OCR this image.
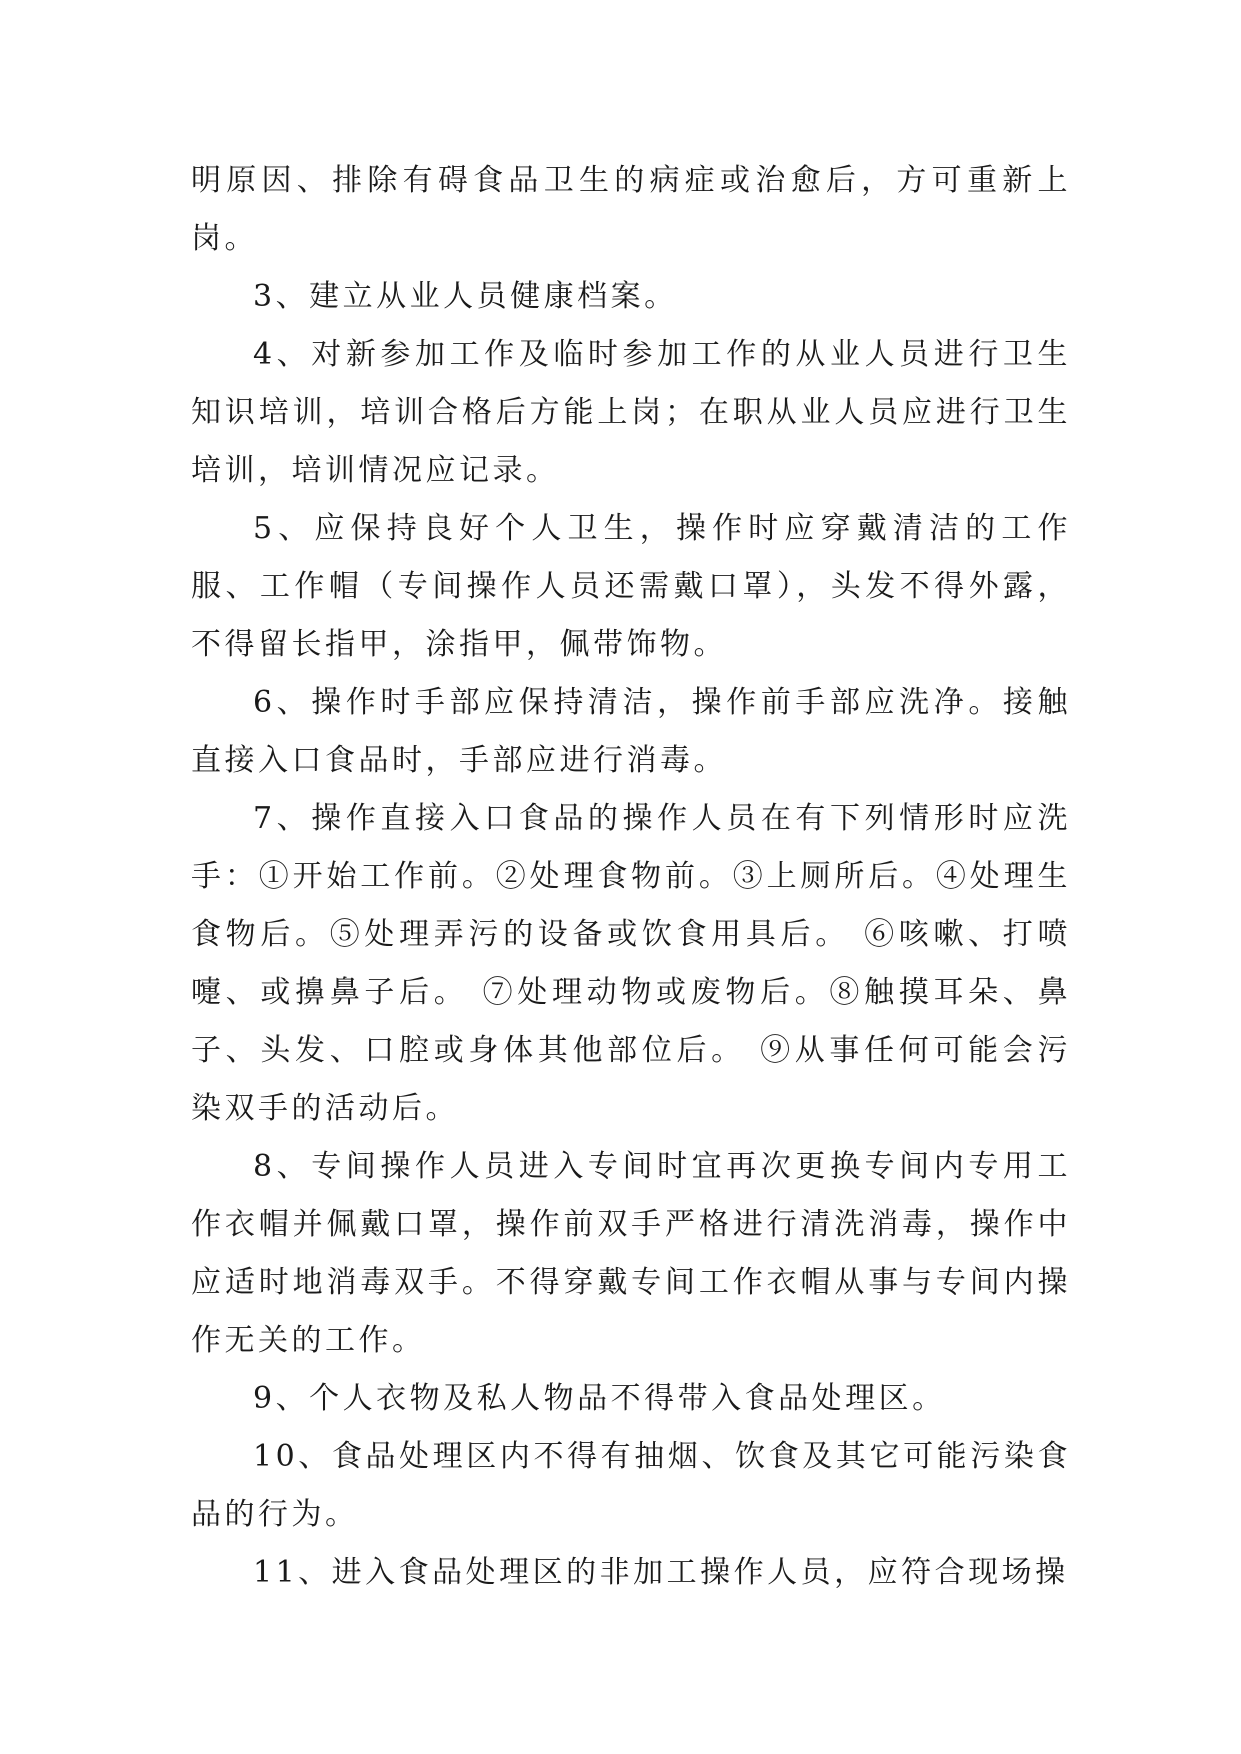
明原因、排除有碍食品卫生的病症或治愈后，方可重新上岗。

3、建立从业人员健康档案。

4、对新参加工作及临时参加工作的从业人员进行卫生知识培训，培训合格后方能上岗；在职从业人员应进行卫生培训，培训情况应记录。

5、应保持良好个人卫生，操作时应穿戴清洁的工作服、工作帽（专间操作人员还需戴口罩），头发不得外露，不得留长指甲，涂指甲，佩带饰物。

6、操作时手部应保持清洁，操作前手部应洗净。接触直接入口食品时，手部应进行消毒。

7、操作直接入口食品的操作人员在有下列情形时应洗手：①开始工作前。②处理食物前。③上厕所后。④处理生食物后。⑤处理弄污的设备或饮食用具后。 ⑥咳嗽、打喷嚏、或擤鼻子后。 ⑦处理动物或废物后。⑧触摸耳朵、鼻子、头发、口腔或身体其他部位后。 ⑨从事任何可能会污染双手的活动后。

8、专间操作人员进入专间时宜再次更换专间内专用工作衣帽并佩戴口罩，操作前双手严格进行清洗消毒，操作中应适时地消毒双手。不得穿戴专间工作衣帽从事与专间内操作无关的工作。

9、个人衣物及私人物品不得带入食品处理区。

10、食品处理区内不得有抽烟、饮食及其它可能污染食品的行为。

11、进入食品处理区的非加工操作人员，应符合现场操
